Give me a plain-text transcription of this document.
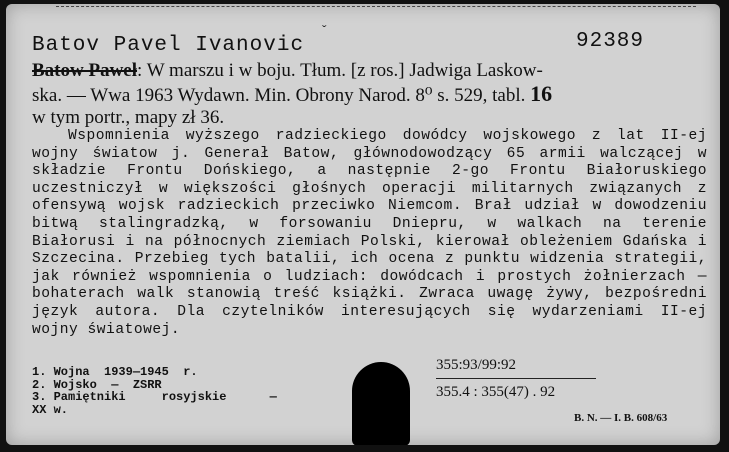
ˇ
Batov Pavel Ivanovic	92389
Batow Paweł: W marszu i w boju. Tłum. [z ros.] Jadwiga Laskow-
ska. — Wwa 1963 Wydawn. Min. Obrony Narod. 8⁰ s. 529, tabl. 16
w tym portr., mapy zł 36.

Wspomnienia wyższego radzieckiego dowódcy wojskowego z lat II-ej wojny światow j. Generał Batow, głównodowodzący 65 armii walczącej w składzie Frontu Dońskiego, a następnie 2-go Frontu Białoruskiego uczestniczył w większości głośnych operacji militarnych związanych z ofensywą wojsk radzieckich przeciwko Niemcom. Brał udział w dowodzeniu bitwą stalingradzką, w forsowaniu Dniepru, w walkach na terenie Białorusi i na północnych ziemiach Polski, kierował obleżeniem Gdańska i Szczecina. Przebieg tych batalii, ich ocena z punktu widzenia strategii, jak również wspomnienia o ludziach: dowódcach i prostych żołnierzach — bohaterach walk stanowią treść książki. Zwraca uwagę żywy, bezpośredni język autora. Dla czytelników interesujących się wydarzeniami II-ej wojny światowej.

1. Wojna  1939—1945  r.
2. Wojsko  —  ZSRR
3. Pamiętniki     rosyjskie      —
XX w.
355:93/99:92
355.4 : 355(47) . 92
B. N. — I. B. 608/63
